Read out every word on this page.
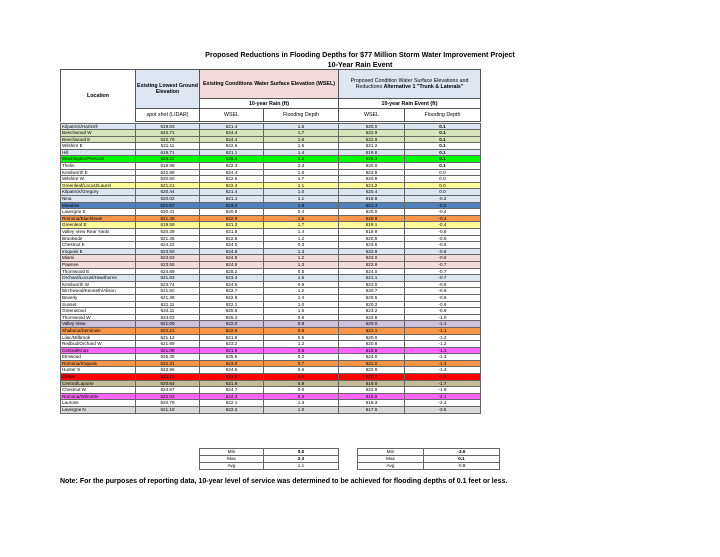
Proposed Reductions in Flooding Depths for $77 Million Storm Water Improvement Project
10-Year Rain Event
Location	Existing Lowest Ground Elevation	Existing Conditions Water Surface Elevation (WSEL)		Proposed Condition Water Surface Elevations and Reductions Alternative 1 "Trunk & Laterals"	
		10-year Rain (ft)		10-year Rain Event (ft)	
	spot shot (LIDAR)	WSEL	Flooding Depth	WSEL	Flooding Depth
Kilpatrick/Hartzell	619.83	621.4	1.5	620.0	0.1
Beechwood W	622.71	624.4	1.7	622.9	0.1
Beechwood E	622.79	624.4	1.6	622.9	0.1
Wilshire E	621.11	622.6	1.5	621.2	0.1
Hill	619.71	621.1	1.4	619.8	0.1
Washington/Prescott	626.22	628.4	2.2	626.3	0.1
Thelin	619.98	622.3	2.3	620.0	0.1
Kenilworth E	622.89	624.4	1.5	622.9	0.0
Wilshire W	620.90	622.6	1.7	620.9	0.0
Greenleaf/Locust/Laurel	621.21	622.4	1.1	621.2	0.0
Kilpatrick/Gregory	620.44	621.4	1.0	620.4	0.0
Nina	620.02	621.1	1.1	619.8	-0.2
Meadow	621.57	623.4	1.9	621.4	-0.2
Lavergne S	620.41	620.8	0.4	620.0	-0.4
Romona/Blackhawk	621.38	622.9	1.5	620.9	-0.4
Greenleaf E	619.59	621.3	1.7	619.1	-0.4
Valley View Rear Yards	620.39	621.8	1.4	619.9	-0.5
Brookside	621.35	622.5	1.2	620.8	-0.5
Chestnut E	624.22	624.5	0.3	623.6	-0.6
Iroquois E	623.50	624.8	1.3	622.9	-0.6
Miami	623.63	624.8	1.2	623.0	-0.6
Pawnee	623.55	624.8	1.3	622.9	-0.7
Thornwood E	624.69	625.2	0.5	624.0	-0.7
Orchard/Locust/Hawthorne	621.83	623.3	1.5	621.1	-0.7
Kenilworth W	623.74	624.6	0.9	623.0	-0.8
Birchwood/Kenneth/Alison	621.50	622.7	1.2	620.7	-0.8
Beverly	621.38	622.8	1.4	620.5	-0.8
Sunset	621.11	622.1	1.0	620.2	-0.9
Greenwood	624.11	625.6	1.5	623.2	-0.9
Thornwood W	624.63	625.2	0.6	623.6	-1.0
Valley View	621.09	622.0	0.9	620.0	-1.1
Shabona/Seminole	622.21	622.8	0.6	621.1	-1.1
Lilac/Milbrook	621.12	621.6	0.5	620.0	-1.2
Redbud/Orchard W	621.99	623.2	1.2	620.8	-1.2
Central/Knox	621.08	621.9	0.8	619.8	-1.3
Elmwood	625.35	625.5	0.2	624.0	-1.3
Romona/Iroquois	622.31	623.0	0.7	621.0	-1.3
Hunter S	623.96	624.6	0.6	622.6	-1.4
Clifton	622.22	621.8	0.0	620.7	-1.5
Central/Laporte	620.64	621.6	0.9	619.0	-1.7
Chestnut W	624.87	624.7	0.0	622.8	-1.9
Romona/Wilmette	622.03	622.4	0.3	619.9	-2.1
Laurose	620.78	622.1	1.3	618.3	-2.4
Lavergne N	621.18	622.2	1.0	617.6	-3.6
Min	0.0		Min	-3.6
Max	2.3		Max	0.1
Avg	1.1		Avg	-0.8
Note: For the purposes of reporting data, 10-year level of service was determined to be achieved for flooding depths of 0.1 feet or less.
